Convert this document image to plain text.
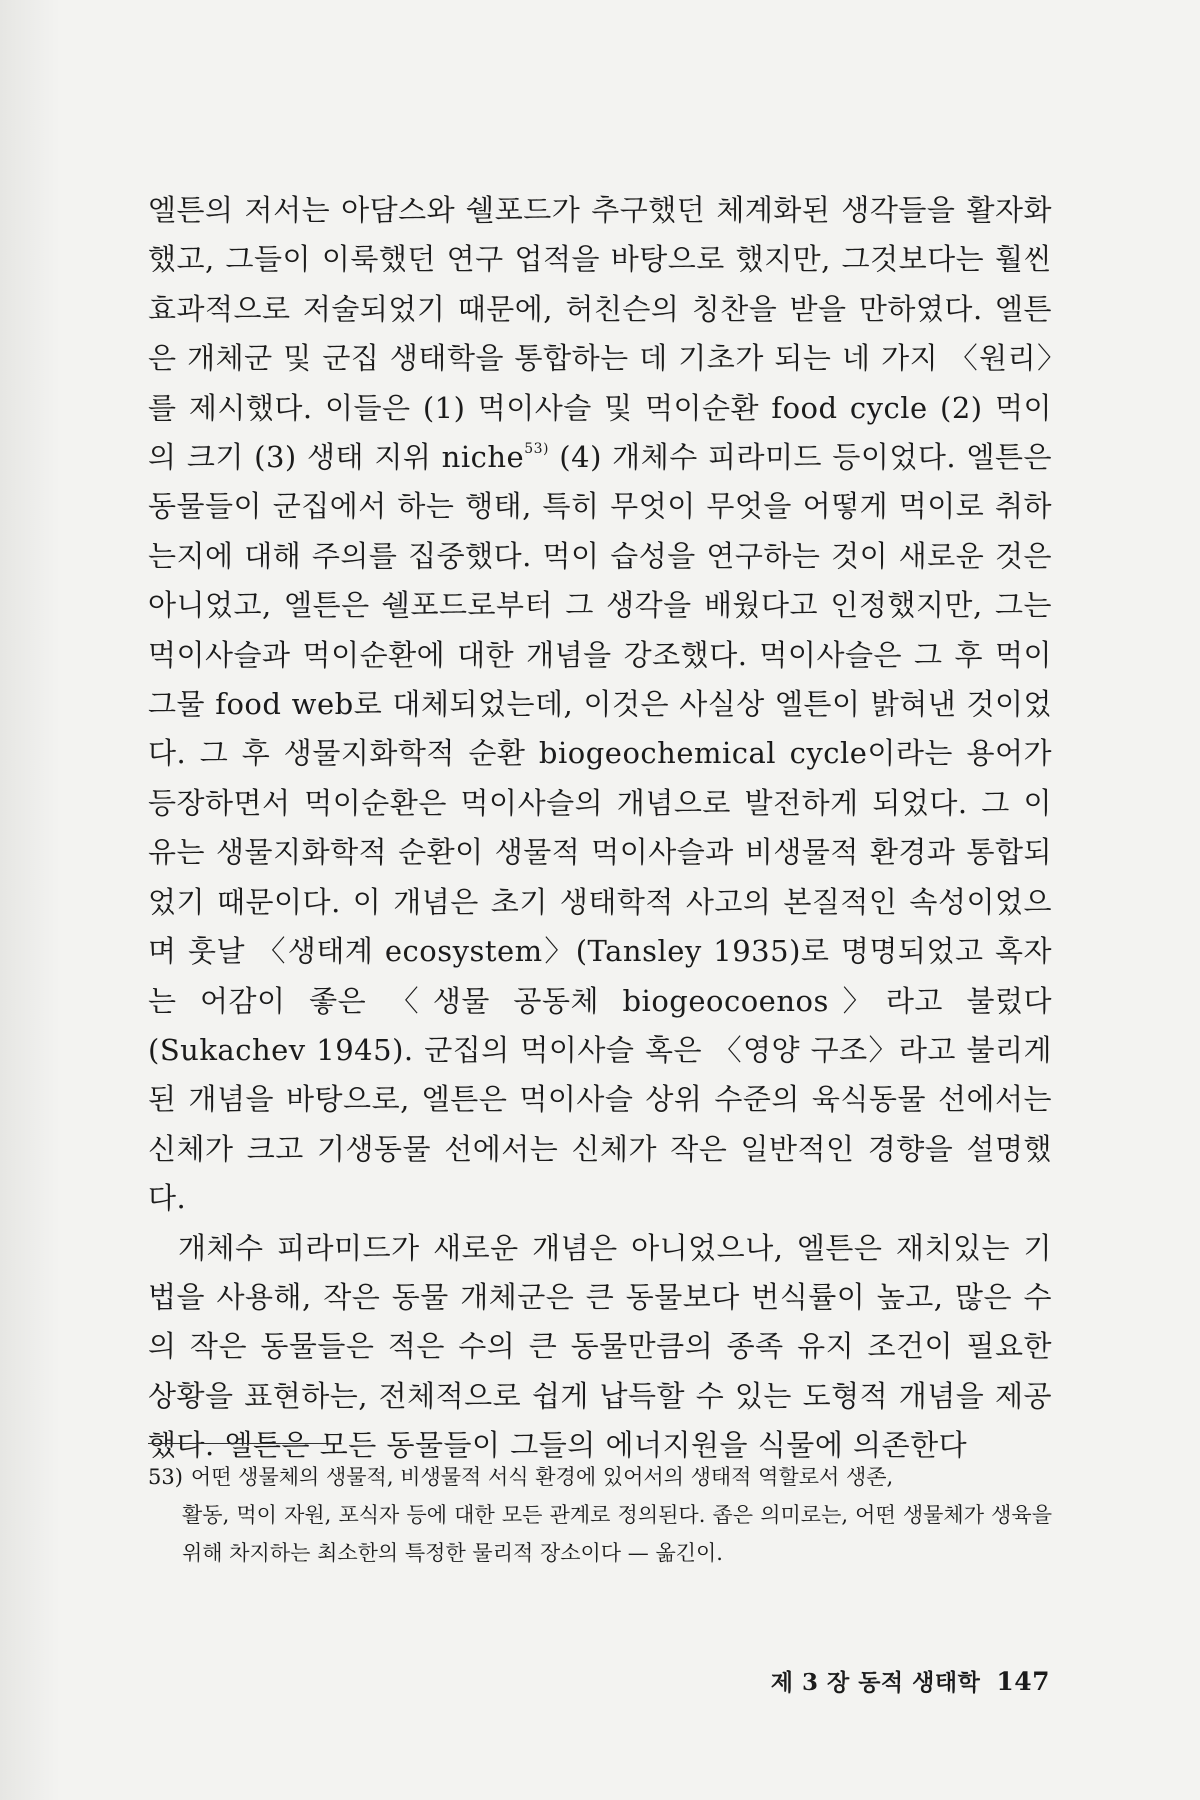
엘튼의 저서는 아담스와 쉘포드가 추구했던 체계화된 생각들을 활자화했고, 그들이 이룩했던 연구 업적을 바탕으로 했지만, 그것보다는 훨씬 효과적으로 저술되었기 때문에, 허친슨의 칭찬을 받을 만하였다. 엘튼은 개체군 및 군집 생태학을 통합하는 데 기초가 되는 네 가지 〈원리〉를 제시했다. 이들은 (1) 먹이사슬 및 먹이순환 food cycle (2) 먹이의 크기 (3) 생태 지위 niche$^{53)}$ (4) 개체수 피라미드 등이었다. 엘튼은 동물들이 군집에서 하는 행태, 특히 무엇이 무엇을 어떻게 먹이로 취하는지에 대해 주의를 집중했다. 먹이 습성을 연구하는 것이 새로운 것은 아니었고, 엘튼은 쉘포드로부터 그 생각을 배웠다고 인정했지만, 그는 먹이사슬과 먹이순환에 대한 개념을 강조했다. 먹이사슬은 그 후 먹이그물 food web로 대체되었는데, 이것은 사실상 엘튼이 밝혀낸 것이었다. 그 후 생물지화학적 순환 biogeochemical cycle이라는 용어가 등장하면서 먹이순환은 먹이사슬의 개념으로 발전하게 되었다. 그 이유는 생물지화학적 순환이 생물적 먹이사슬과 비생물적 환경과 통합되었기 때문이다. 이 개념은 초기 생태학적 사고의 본질적인 속성이었으며 훗날 〈생태계 ecosystem〉(Tansley 1935)로 명명되었고 혹자는 어감이 좋은 〈생물 공동체 biogeocoenos〉라고 불렀다(Sukachev 1945). 군집의 먹이사슬 혹은 〈영양 구조〉라고 불리게 된 개념을 바탕으로, 엘튼은 먹이사슬 상위 수준의 육식동물 선에서는 신체가 크고 기생동물 선에서는 신체가 작은 일반적인 경향을 설명했다.

개체수 피라미드가 새로운 개념은 아니었으나, 엘튼은 재치있는 기법을 사용해, 작은 동물 개체군은 큰 동물보다 번식률이 높고, 많은 수의 작은 동물들은 적은 수의 큰 동물만큼의 종족 유지 조건이 필요한 상황을 표현하는, 전체적으로 쉽게 납득할 수 있는 도형적 개념을 제공했다. 엘튼은 모든 동물들이 그들의 에너지원을 식물에 의존한다

53) 어떤 생물체의 생물적, 비생물적 서식 환경에 있어서의 생태적 역할로서 생존,
활동, 먹이 자원, 포식자 등에 대한 모든 관계로 정의된다. 좁은 의미로는, 어떤 생물체가 생육을 위해 차지하는 최소한의 특정한 물리적 장소이다 — 옮긴이.
제 3 장 동적 생태학 147
